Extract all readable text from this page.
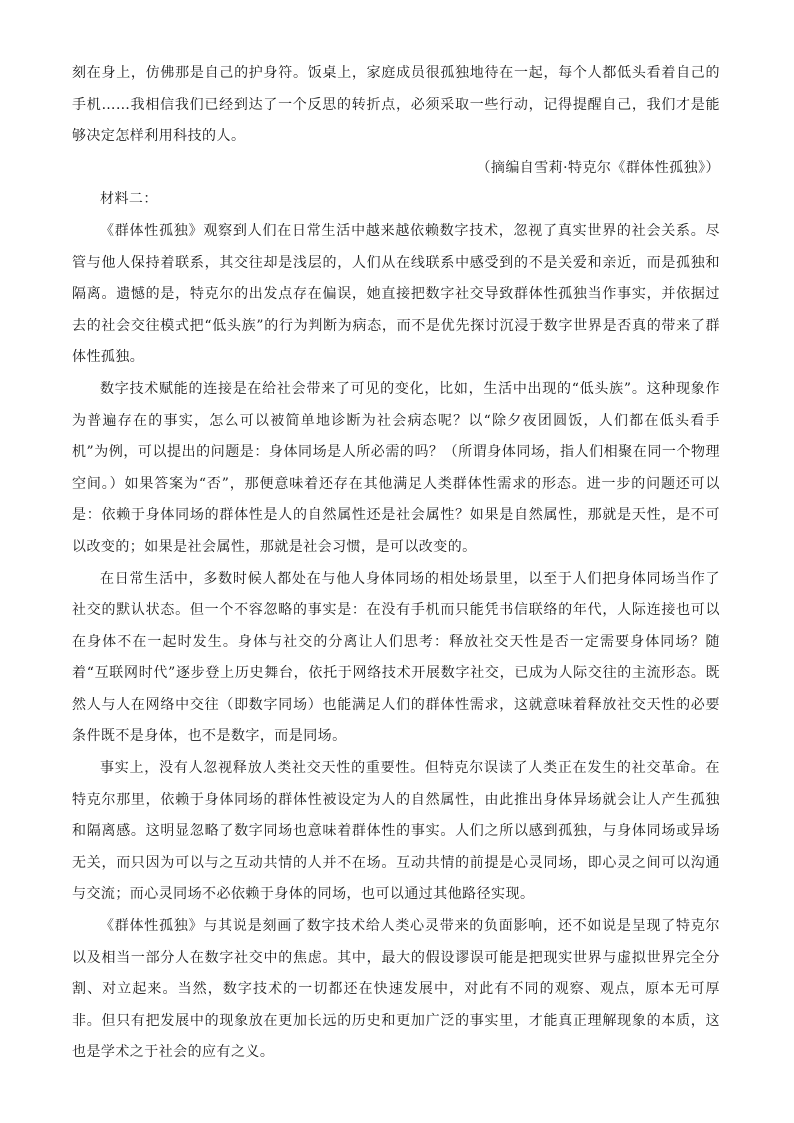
刻在身上，仿佛那是自己的护身符。饭桌上，家庭成员很孤独地待在一起，每个人都低头看着自己的手机……我相信我们已经到达了一个反思的转折点，必须采取一些行动，记得提醒自己，我们才是能够决定怎样利用科技的人。

（摘编自雪莉·特克尔《群体性孤独》）

材料二：

《群体性孤独》观察到人们在日常生活中越来越依赖数字技术，忽视了真实世界的社会关系。尽管与他人保持着联系，其交往却是浅层的，人们从在线联系中感受到的不是关爱和亲近，而是孤独和隔离。遗憾的是，特克尔的出发点存在偏误，她直接把数字社交导致群体性孤独当作事实，并依据过去的社会交往模式把“低头族”的行为判断为病态，而不是优先探讨沉浸于数字世界是否真的带来了群体性孤独。

数字技术赋能的连接是在给社会带来了可见的变化，比如，生活中出现的“低头族”。这种现象作为普遍存在的事实，怎么可以被简单地诊断为社会病态呢？以“除夕夜团圆饭，人们都在低头看手机”为例，可以提出的问题是：身体同场是人所必需的吗？（所谓身体同场，指人们相聚在同一个物理空间。）如果答案为“否”，那便意味着还存在其他满足人类群体性需求的形态。进一步的问题还可以是：依赖于身体同场的群体性是人的自然属性还是社会属性？如果是自然属性，那就是天性，是不可以改变的；如果是社会属性，那就是社会习惯，是可以改变的。

在日常生活中，多数时候人都处在与他人身体同场的相处场景里，以至于人们把身体同场当作了社交的默认状态。但一个不容忽略的事实是：在没有手机而只能凭书信联络的年代，人际连接也可以在身体不在一起时发生。身体与社交的分离让人们思考：释放社交天性是否一定需要身体同场？随着“互联网时代”逐步登上历史舞台，依托于网络技术开展数字社交，已成为人际交往的主流形态。既然人与人在网络中交往（即数字同场）也能满足人们的群体性需求，这就意味着释放社交天性的必要条件既不是身体，也不是数字，而是同场。

事实上，没有人忽视释放人类社交天性的重要性。但特克尔误读了人类正在发生的社交革命。在特克尔那里，依赖于身体同场的群体性被设定为人的自然属性，由此推出身体异场就会让人产生孤独和隔离感。这明显忽略了数字同场也意味着群体性的事实。人们之所以感到孤独，与身体同场或异场无关，而只因为可以与之互动共情的人并不在场。互动共情的前提是心灵同场，即心灵之间可以沟通与交流；而心灵同场不必依赖于身体的同场，也可以通过其他路径实现。

《群体性孤独》与其说是刻画了数字技术给人类心灵带来的负面影响，还不如说是呈现了特克尔以及相当一部分人在数字社交中的焦虑。其中，最大的假设谬误可能是把现实世界与虚拟世界完全分割、对立起来。当然，数字技术的一切都还在快速发展中，对此有不同的观察、观点，原本无可厚非。但只有把发展中的现象放在更加长远的历史和更加广泛的事实里，才能真正理解现象的本质，这也是学术之于社会的应有之义。
